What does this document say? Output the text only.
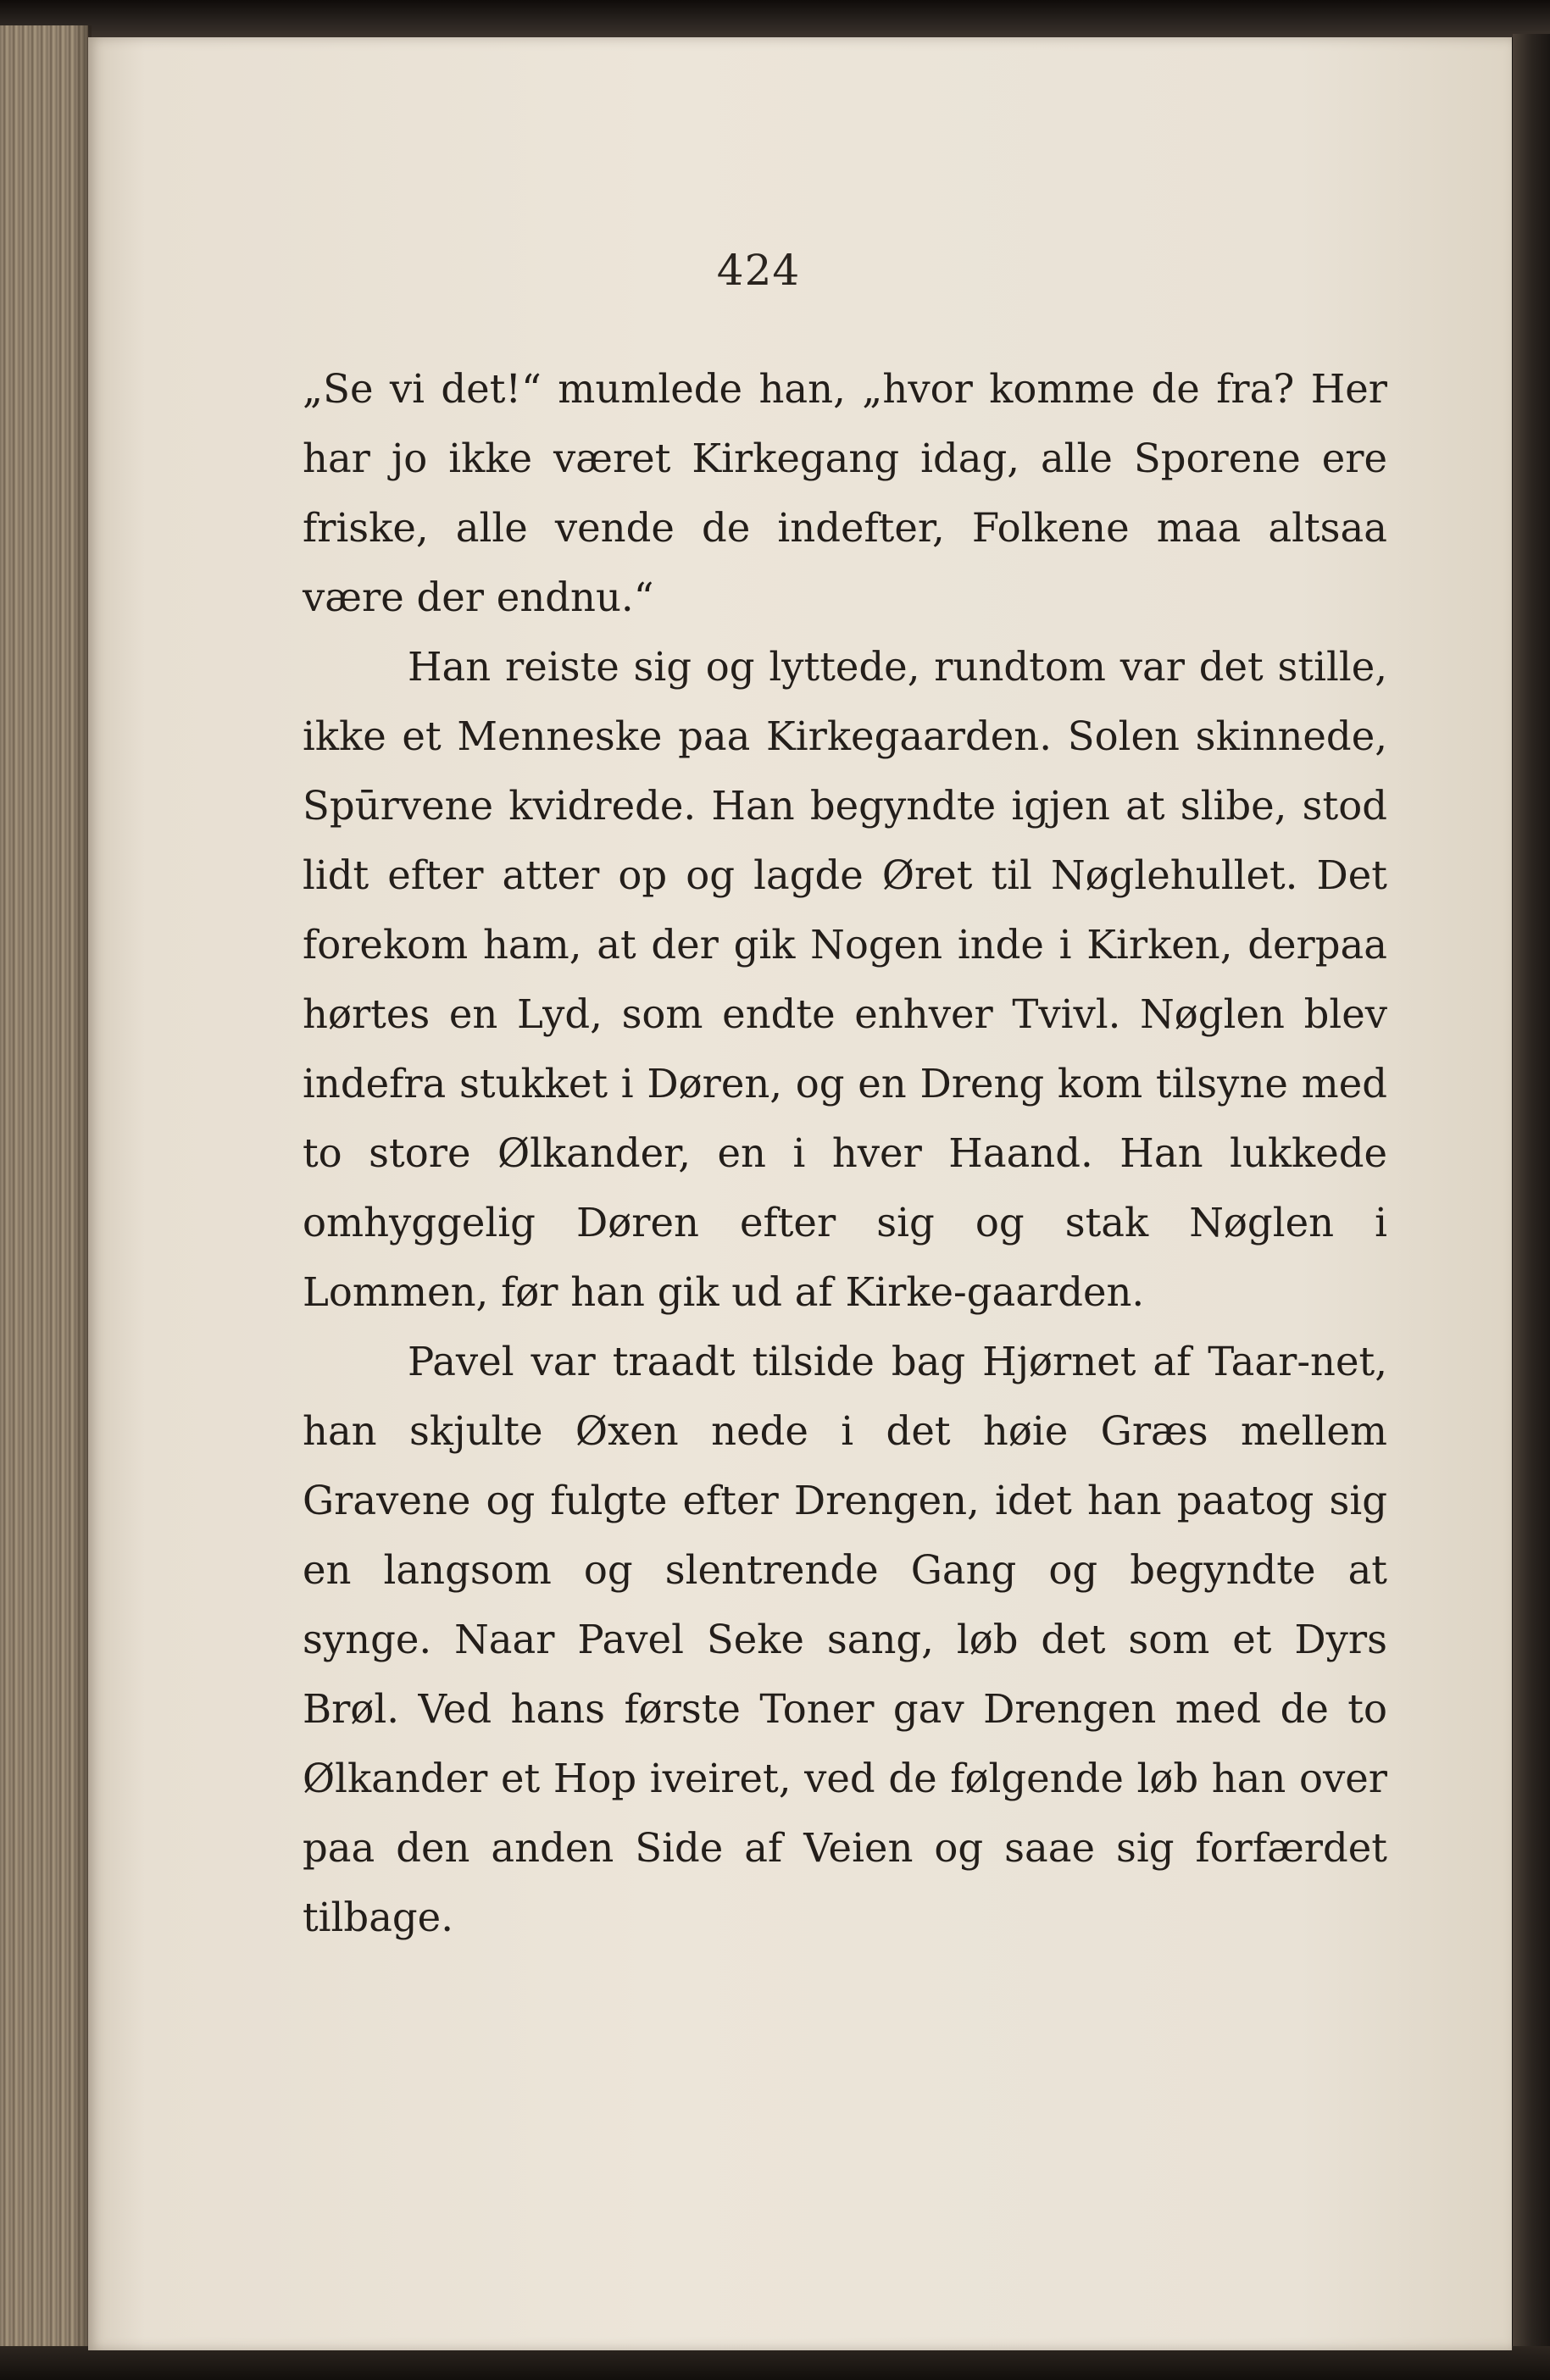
424

„Se vi det!“ mumlede han, „hvor komme de fra? Her har jo ikke været Kirkegang idag, alle Sporene ere friske, alle vende de indefter, Folkene maa altsaa være der endnu.“

Han reiste sig og lyttede, rundtom var det stille, ikke et Menneske paa Kirkegaarden. Solen skinnede, Spūrvene kvidrede. Han begyndte igjen at slibe, stod lidt efter atter op og lagde Øret til Nøglehullet. Det forekom ham, at der gik Nogen inde i Kirken, derpaa hørtes en Lyd, som endte enhver Tvivl. Nøglen blev indefra stukket i Døren, og en Dreng kom tilsyne med to store Ølkander, en i hver Haand. Han lukkede omhyggelig Døren efter sig og stak Nøglen i Lommen, før han gik ud af Kirke-gaarden.

Pavel var traadt tilside bag Hjørnet af Taar-net, han skjulte Øxen nede i det høie Græs mellem Gravene og fulgte efter Drengen, idet han paatog sig en langsom og slentrende Gang og begyndte at synge. Naar Pavel Seke sang, løb det som et Dyrs Brøl. Ved hans første Toner gav Drengen med de to Ølkander et Hop iveiret, ved de følgende løb han over paa den anden Side af Veien og saae sig forfærdet tilbage.
